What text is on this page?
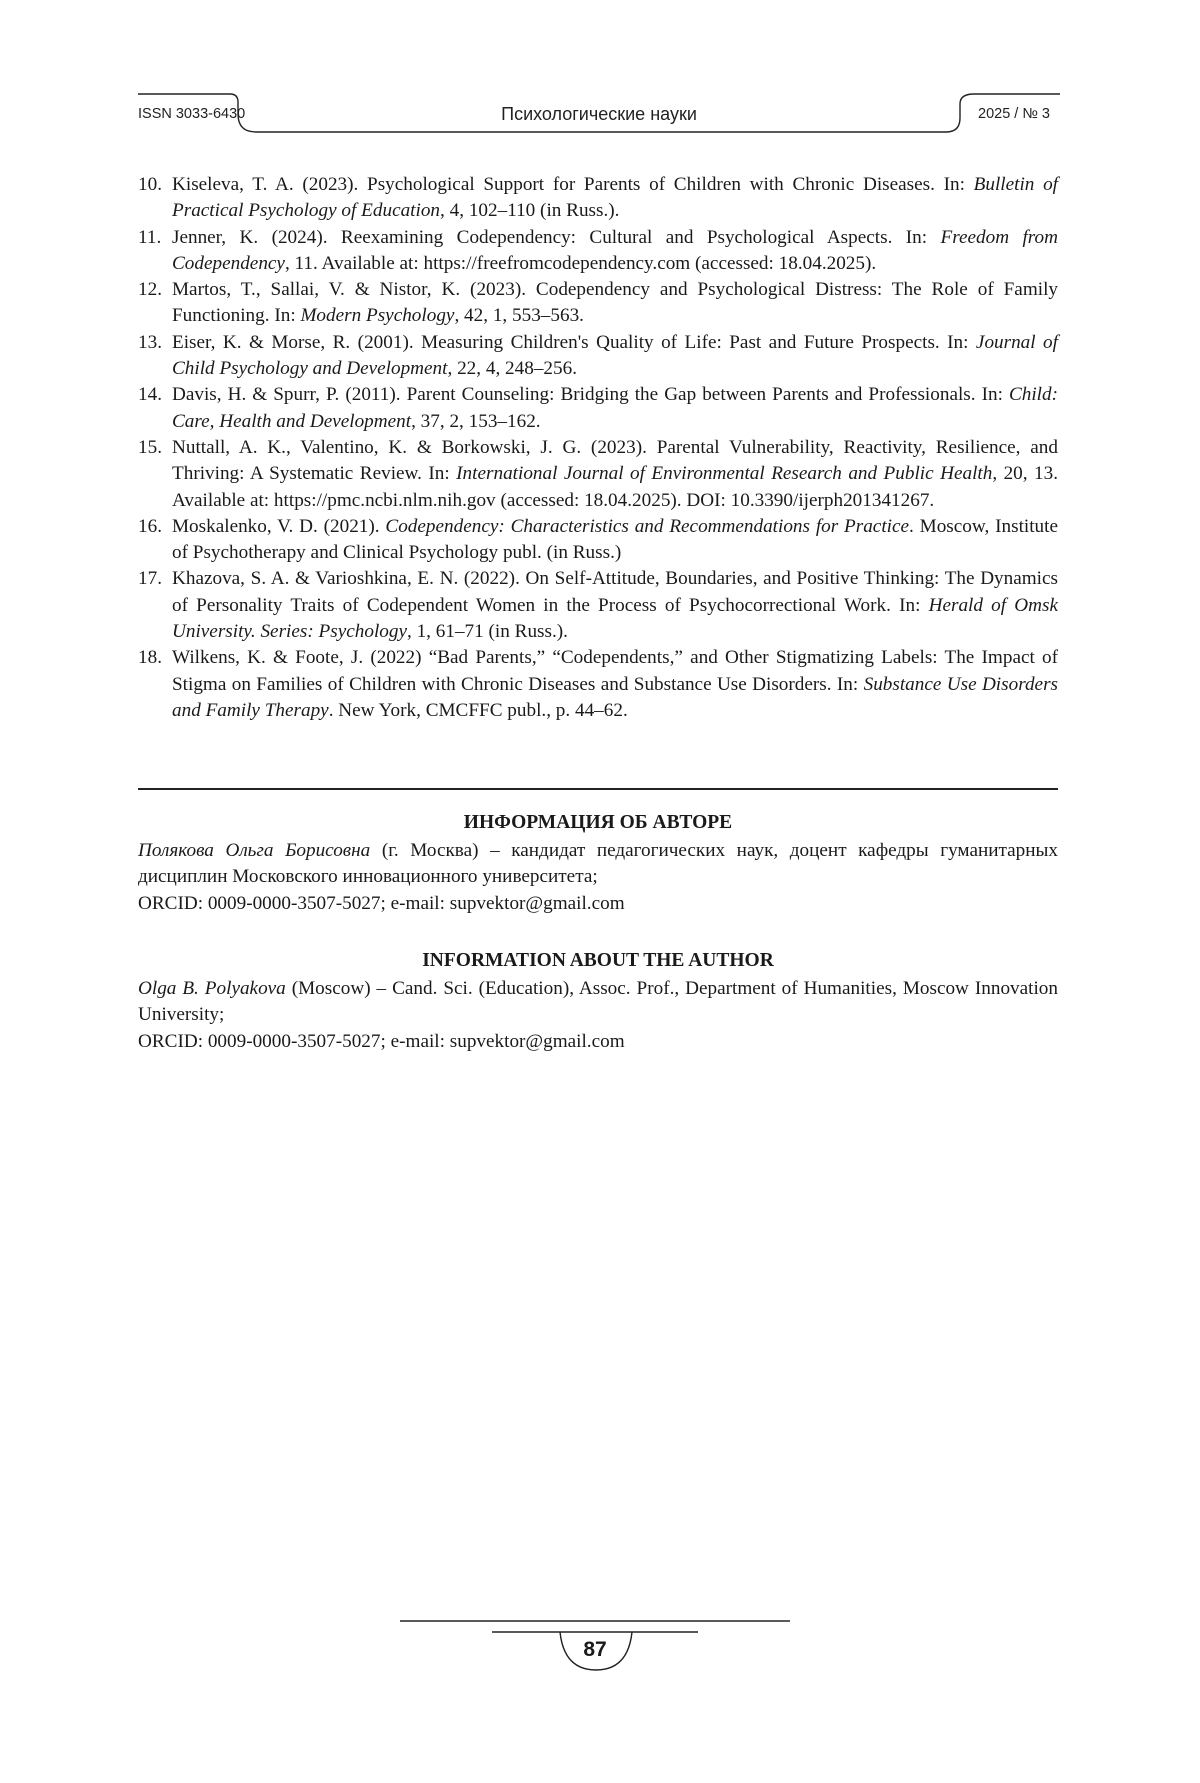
ISSN 3033-6430	Психологические науки	2025 / № 3
10. Kiseleva, T. A. (2023). Psychological Support for Parents of Children with Chronic Diseases. In: Bulletin of Practical Psychology of Education, 4, 102–110 (in Russ.).
11. Jenner, K. (2024). Reexamining Codependency: Cultural and Psychological Aspects. In: Freedom from Codependency, 11. Available at: https://freefromcodependency.com (accessed: 18.04.2025).
12. Martos, T., Sallai, V. & Nistor, K. (2023). Codependency and Psychological Distress: The Role of Family Functioning. In: Modern Psychology, 42, 1, 553–563.
13. Eiser, K. & Morse, R. (2001). Measuring Children's Quality of Life: Past and Future Prospects. In: Journal of Child Psychology and Development, 22, 4, 248–256.
14. Davis, H. & Spurr, P. (2011). Parent Counseling: Bridging the Gap between Parents and Professionals. In: Child: Care, Health and Development, 37, 2, 153–162.
15. Nuttall, A. K., Valentino, K. & Borkowski, J. G. (2023). Parental Vulnerability, Reactivity, Resilience, and Thriving: A Systematic Review. In: International Journal of Environmental Research and Public Health, 20, 13. Available at: https://pmc.ncbi.nlm.nih.gov (accessed: 18.04.2025). DOI: 10.3390/ijerph201341267.
16. Moskalenko, V. D. (2021). Codependency: Characteristics and Recommendations for Practice. Moscow, Institute of Psychotherapy and Clinical Psychology publ. (in Russ.)
17. Khazova, S. A. & Varioshkina, E. N. (2022). On Self-Attitude, Boundaries, and Positive Thinking: The Dynamics of Personality Traits of Codependent Women in the Process of Psychocorrectional Work. In: Herald of Omsk University. Series: Psychology, 1, 61–71 (in Russ.).
18. Wilkens, K. & Foote, J. (2022) “Bad Parents,” “Codependents,” and Other Stigmatizing Labels: The Impact of Stigma on Families of Children with Chronic Diseases and Substance Use Disorders. In: Substance Use Disorders and Family Therapy. New York, CMCFFC publ., p. 44–62.
ИНФОРМАЦИЯ ОБ АВТОРЕ

Полякова Ольга Борисовна (г. Москва) – кандидат педагогических наук, доцент кафедры гуманитарных дисциплин Московского инновационного университета;

ORCID: 0009-0000-3507-5027; e-mail: supvektor@gmail.com

INFORMATION ABOUT THE AUTHOR

Olga B. Polyakova (Moscow) – Cand. Sci. (Education), Assoc. Prof., Department of Humanities, Moscow Innovation University;

ORCID: 0009-0000-3507-5027; e-mail: supvektor@gmail.com

87
